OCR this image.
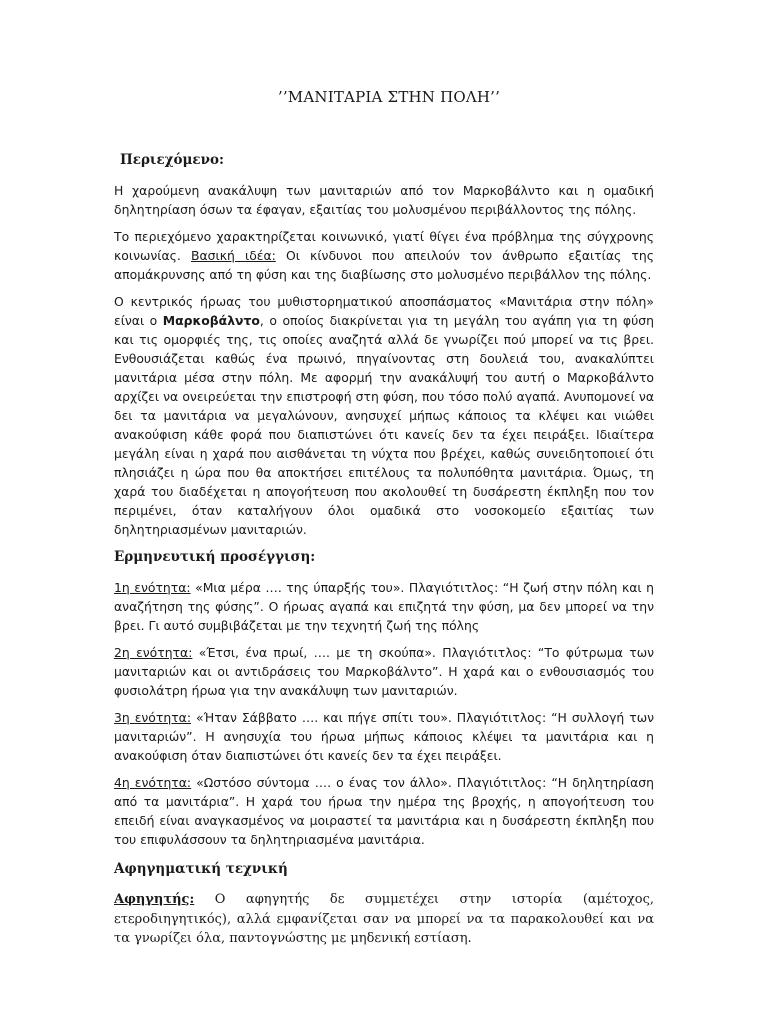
’’ΜΑΝΙΤΑΡΙΑ ΣΤΗΝ ΠΟΛΗ’’
Περιεχόμενο:

Η χαρούμενη ανακάλυψη των μανιταριών από τον Μαρκοβάλντο και η ομαδική δηλητηρίαση όσων τα έφαγαν, εξαιτίας του μολυσμένου περιβάλλοντος της πόλης.

Το περιεχόμενο χαρακτηρίζεται κοινωνικό, γιατί θίγει ένα πρόβλημα της σύγχρονης κοινωνίας. Βασική ιδέα: Οι κίνδυνοι που απειλούν τον άνθρωπο εξαιτίας της απομάκρυνσης από τη φύση και της διαβίωσης στο μολυσμένο περιβάλλον της πόλης.

Ο κεντρικός ήρωας του μυθιστορηματικού αποσπάσματος «Μανιτάρια στην πόλη» είναι ο Μαρκοβάλντο, ο οποίος διακρίνεται για τη μεγάλη του αγάπη για τη φύση και τις ομορφιές της, τις οποίες αναζητά αλλά δε γνωρίζει πού μπορεί να τις βρει. Ενθουσιάζεται καθώς ένα πρωινό, πηγαίνοντας στη δουλειά του, ανακαλύπτει μανιτάρια μέσα στην πόλη. Με αφορμή την ανακάλυψή του αυτή ο Μαρκοβάλντο αρχίζει να ονειρεύεται την επιστροφή στη φύση, που τόσο πολύ αγαπά. Ανυπομονεί να δει τα μανιτάρια να μεγαλώνουν, ανησυχεί μήπως κάποιος τα κλέψει και νιώθει ανακούφιση κάθε φορά που διαπιστώνει ότι κανείς δεν τα έχει πειράξει. Ιδιαίτερα μεγάλη είναι η χαρά που αισθάνεται τη νύχτα που βρέχει, καθώς συνειδητοποιεί ότι πλησιάζει η ώρα που θα αποκτήσει επιτέλους τα πολυπόθητα μανιτάρια. Όμως, τη χαρά του διαδέχεται η απογοήτευση που ακολουθεί τη δυσάρεστη έκπληξη που τον περιμένει, όταν καταλήγουν όλοι ομαδικά στο νοσοκομείο εξαιτίας των δηλητηριασμένων μανιταριών.

Ερμηνευτική προσέγγιση:

1η ενότητα: «Μια μέρα …. της ύπαρξής του». Πλαγιότιτλος: “Η ζωή στην πόλη και η αναζήτηση της φύσης”. Ο ήρωας αγαπά και επιζητά την φύση, μα δεν μπορεί να την βρει. Γι αυτό συμβιβάζεται με την τεχνητή ζωή της πόλης

2η ενότητα: «Έτσι, ένα πρωί, …. με τη σκούπα». Πλαγιότιτλος: “Το φύτρωμα των μανιταριών και οι αντιδράσεις του Μαρκοβάλντο”. Η χαρά και ο ενθουσιασμός του φυσιολάτρη ήρωα για την ανακάλυψη των μανιταριών.

3η ενότητα: «Ήταν Σάββατο …. και πήγε σπίτι του». Πλαγιότιτλος: “Η συλλογή των μανιταριών”. Η ανησυχία του ήρωα μήπως κάποιος κλέψει τα μανιτάρια και η ανακούφιση όταν διαπιστώνει ότι κανείς δεν τα έχει πειράξει.

4η ενότητα: «Ωστόσο σύντομα …. ο ένας τον άλλο». Πλαγιότιτλος: “Η δηλητηρίαση από τα μανιτάρια”. Η χαρά του ήρωα την ημέρα της βροχής, η απογοήτευση του επειδή είναι αναγκασμένος να μοιραστεί τα μανιτάρια και η δυσάρεστη έκπληξη που του επιφυλάσσουν τα δηλητηριασμένα μανιτάρια.

Αφηγηματική τεχνική

Αφηγητής: Ο αφηγητής δε συμμετέχει στην ιστορία (αμέτοχος, ετεροδιηγητικός), αλλά εμφανίζεται σαν να μπορεί να τα παρακολουθεί και να τα γνωρίζει όλα, παντογνώστης με μηδενική εστίαση.
